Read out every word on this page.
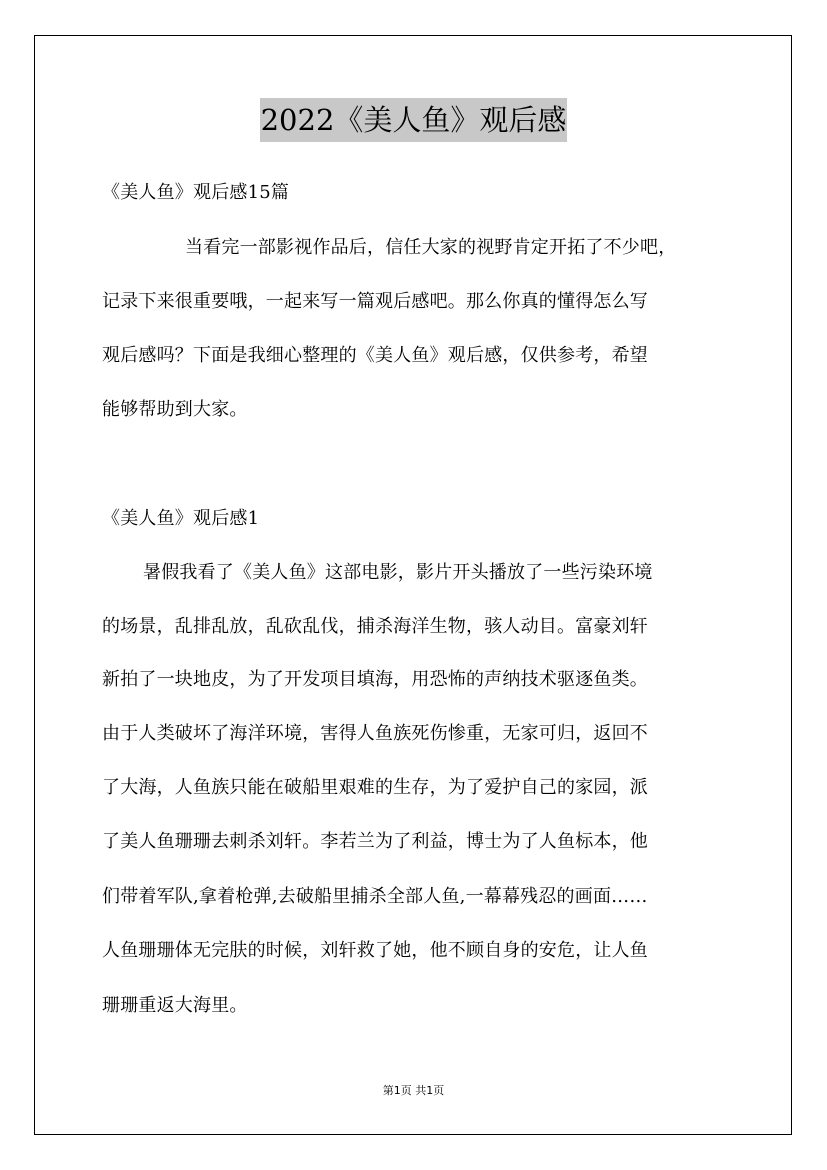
2022《美人鱼》观后感
《美人鱼》观后感15篇
当看完一部影视作品后，信任大家的视野肯定开拓了不少吧，
记录下来很重要哦，一起来写一篇观后感吧。那么你真的懂得怎么写
观后感吗？下面是我细心整理的《美人鱼》观后感，仅供参考，希望
能够帮助到大家。
《美人鱼》观后感1
暑假我看了《美人鱼》这部电影，影片开头播放了一些污染环境
的场景，乱排乱放，乱砍乱伐，捕杀海洋生物，骇人动目。富豪刘轩
新拍了一块地皮，为了开发项目填海，用恐怖的声纳技术驱逐鱼类。
由于人类破坏了海洋环境，害得人鱼族死伤惨重，无家可归，返回不
了大海，人鱼族只能在破船里艰难的生存，为了爱护自己的家园，派
了美人鱼珊珊去刺杀刘轩。李若兰为了利益，博士为了人鱼标本，他
们带着军队,拿着枪弹,去破船里捕杀全部人鱼,一幕幕残忍的画面……
人鱼珊珊体无完肤的时候，刘轩救了她，他不顾自身的安危，让人鱼
珊珊重返大海里。
第1页 共1页
